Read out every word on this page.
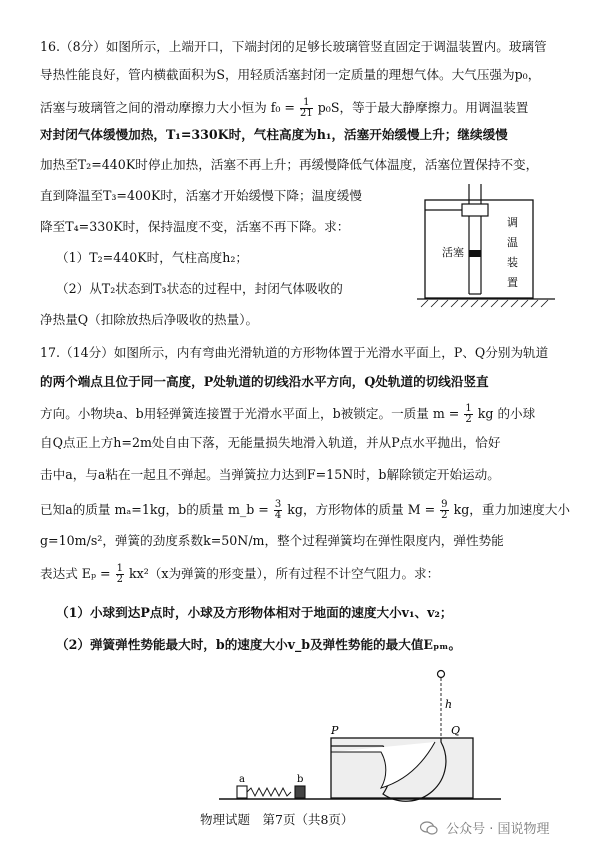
16.（8分）如图所示，上端开口，下端封闭的足够长玻璃管竖直固定于调温装置内。玻璃管
导热性能良好，管内横截面积为S，用轻质活塞封闭一定质量的理想气体。大气压强为p₀，
活塞与玻璃管之间的滑动摩擦力大小恒为 $f_0 = \frac{1}{21} p_0S$，等于最大静摩擦力。用调温装置
对封闭气体缓慢加热，T₁=330K时，气柱高度为h₁，活塞开始缓慢上升；继续缓慢
加热至T₂=440K时停止加热，活塞不再上升；再缓慢降低气体温度，活塞位置保持不变，
直到降温至T₃=400K时，活塞才开始缓慢下降；温度缓慢
降至T₄=330K时，保持温度不变，活塞不再下降。求：
（1）T₂=440K时，气柱高度h₂；
（2）从T₂状态到T₃状态的过程中，封闭气体吸收的
净热量Q（扣除放热后净吸收的热量）。
活塞
调
温
装
置
17.（14分）如图所示，内有弯曲光滑轨道的方形物体置于光滑水平面上，P、Q分别为轨道
的两个端点且位于同一高度，P处轨道的切线沿水平方向，Q处轨道的切线沿竖直
方向。小物块a、b用轻弹簧连接置于光滑水平面上，b被锁定。一质量 $m = \frac{1}{2}$ kg 的小球
自Q点正上方h=2m处自由下落，无能量损失地滑入轨道，并从P点水平抛出，恰好
击中a，与a粘在一起且不弹起。当弹簧拉力达到F=15N时，b解除锁定开始运动。
已知a的质量 mₐ=1kg，b的质量 m_b = $\frac{3}{4}$ kg，方形物体的质量 $M = \frac{9}{2}$ kg，重力加速度大小
g=10m/s²，弹簧的劲度系数k=50N/m，整个过程弹簧均在弹性限度内，弹性势能
表达式 $E_p = \frac{1}{2} kx^2(x$为弹簧的形变量），所有过程不计空气阻力。求：
（1）小球到达P点时，小球及方形物体相对于地面的速度大小v₁、v₂；
（2）弹簧弹性势能最大时，b的速度大小v_b及弹性势能的最大值Eₚₘ。
h
P	Q
a	b
物理试题　第7页（共8页）
公众号 · 国说物理
